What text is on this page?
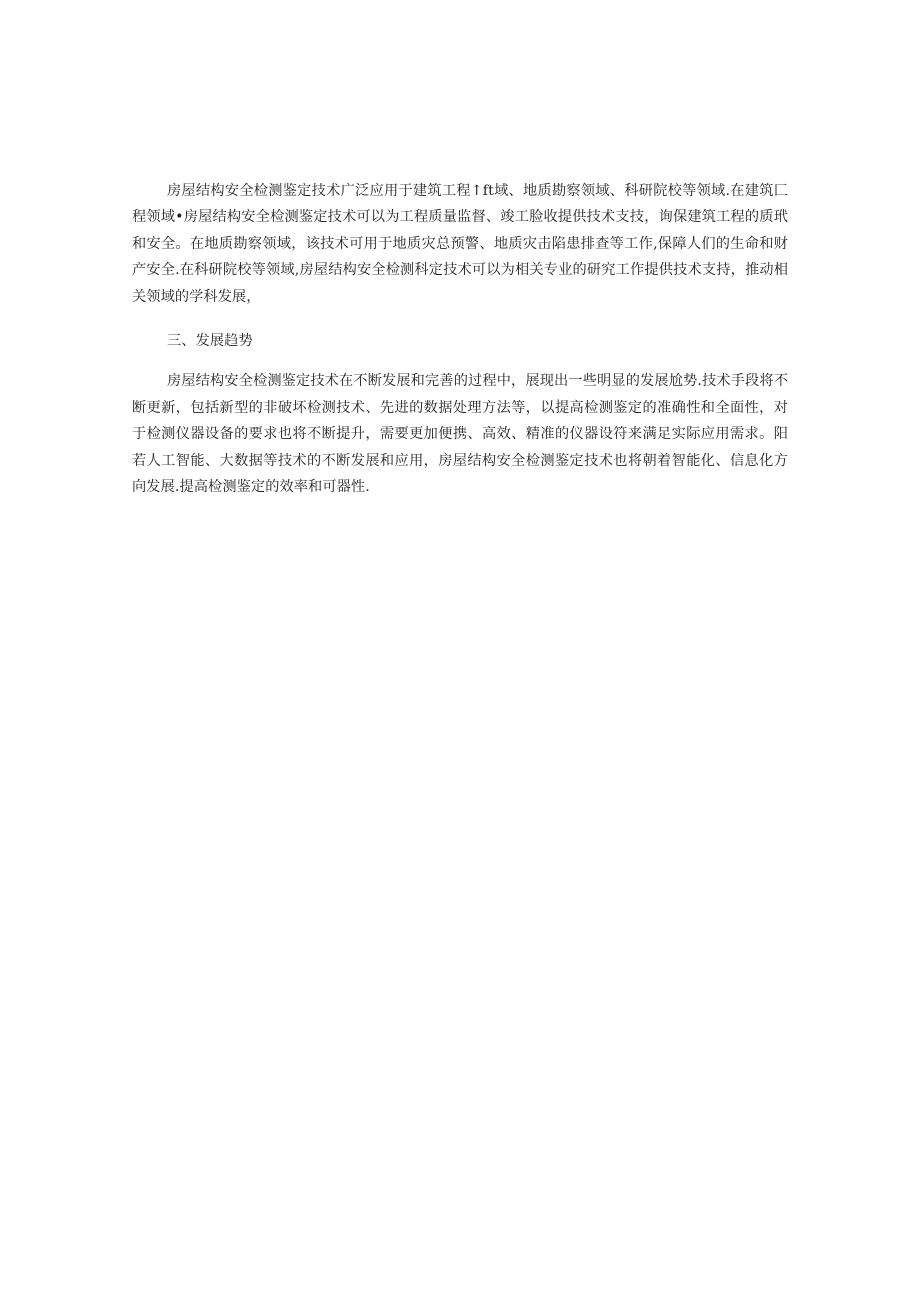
房屋结构安全检测鉴定技术广泛应用于建筑工程↑ft域、地质勘察领域、科研院校等领域.在建筑匚程领域•房屋结构安全检测鉴定技术可以为工程质量监督、竣工脸收提供技术支技，询保建筑工程的质玳和安全。在地质勘察领域，该技术可用于地质灾总预警、地质灾击陷患排查等工作,保障人们的生命和财产安全.在科研院校等领域,房屋结构安全检测科定技术可以为相关专业的研究工作提供技术支持，推动相关领域的学科发展，

三、发展趋势

房屋结构安全检测鉴定技术在不断发展和完善的过程中，展现出一些明显的发展尬势.技术手段将不断更新，包括新型的非破坏检测技术、先进的数据处理方法等，以提高检测鉴定的准确性和全面性，对于检测仪器设备的要求也将不断提升，需要更加便携、高效、精准的仪器设符来满足实际应用需求。阳若人工智能、大数据等技术的不断发展和应用，房屋结构安全检测鉴定技术也将朝着智能化、信息化方向发展.提高检测鉴定的效率和可器性.
